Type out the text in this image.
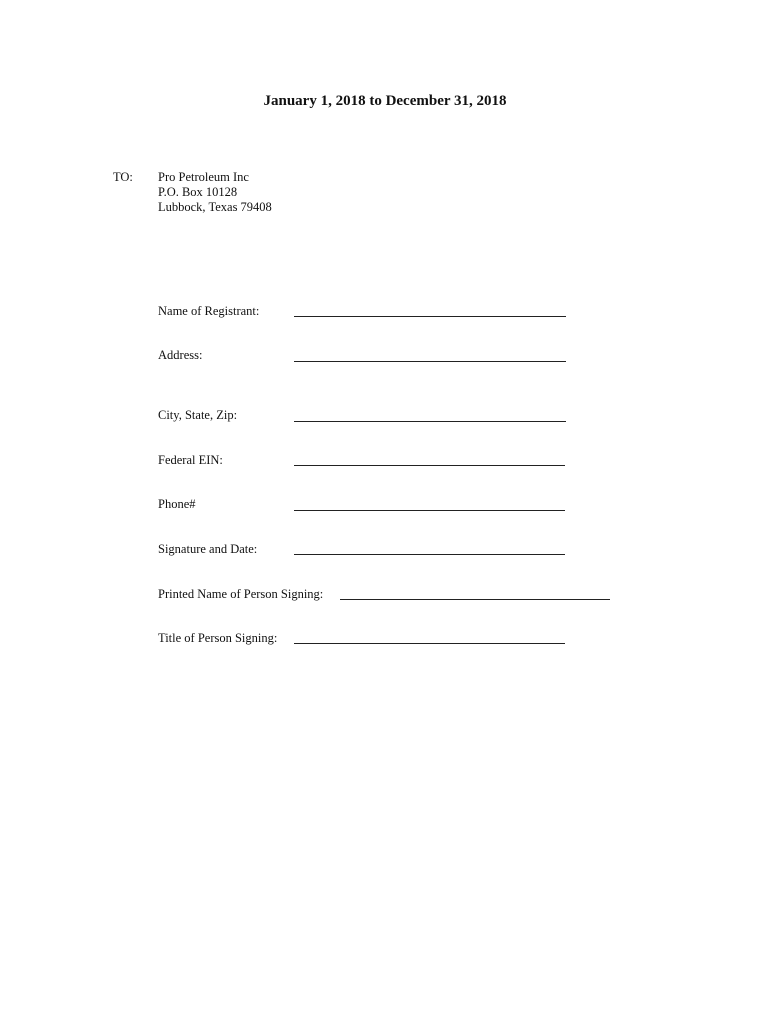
January 1, 2018 to December 31, 2018
TO: Pro Petroleum Inc
P.O. Box 10128
Lubbock, Texas 79408
Name of Registrant:
Address:
City, State, Zip:
Federal EIN:
Phone#
Signature and Date:
Printed Name of Person Signing:
Title of Person Signing:
